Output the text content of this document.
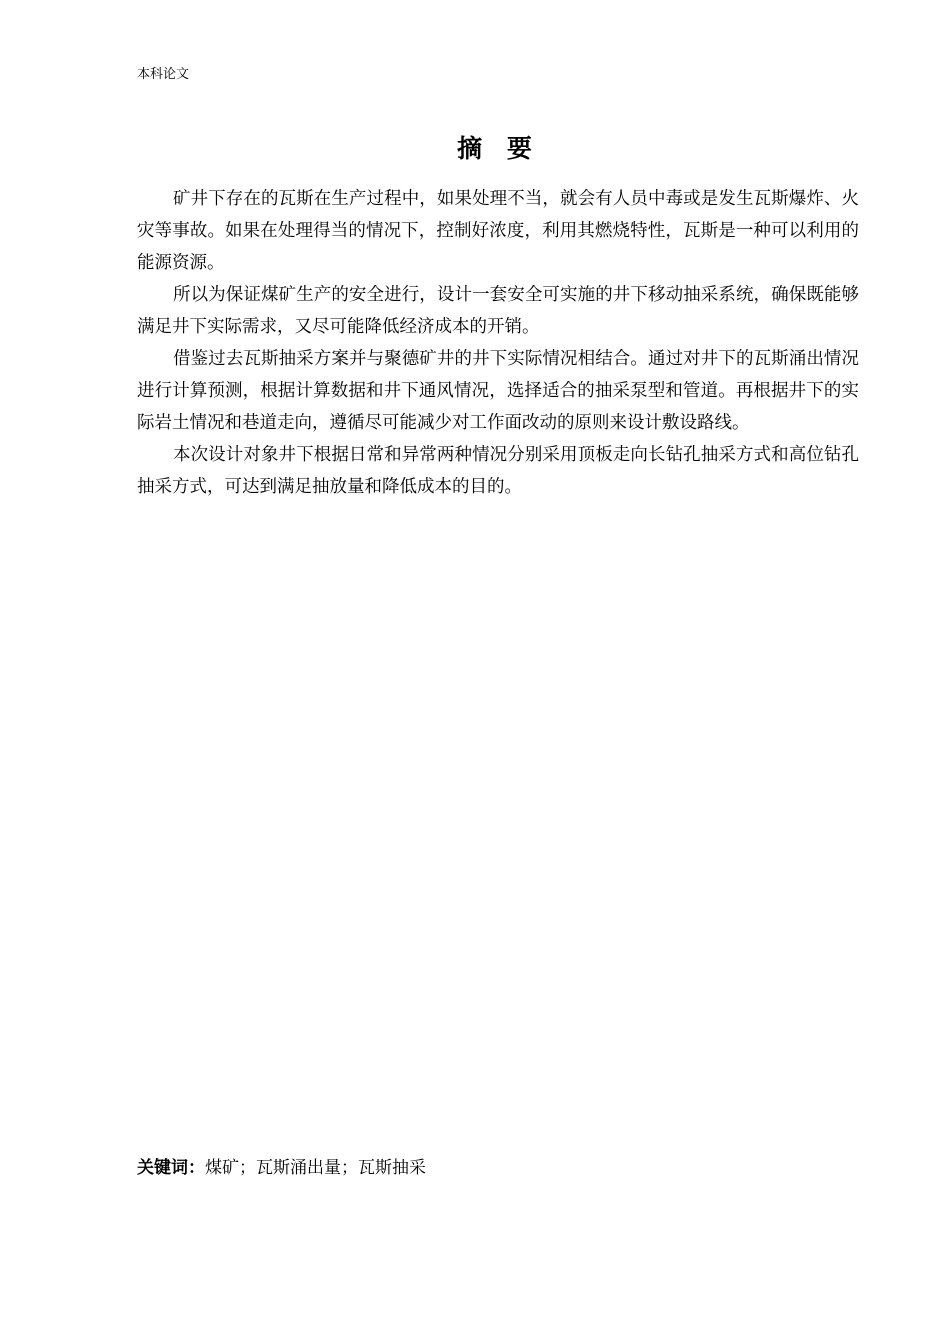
本科论文
摘 要

矿井下存在的瓦斯在生产过程中，如果处理不当，就会有人员中毒或是发生瓦斯爆炸、火灾等事故。如果在处理得当的情况下，控制好浓度，利用其燃烧特性，瓦斯是一种可以利用的能源资源。

所以为保证煤矿生产的安全进行，设计一套安全可实施的井下移动抽采系统，确保既能够满足井下实际需求，又尽可能降低经济成本的开销。

借鉴过去瓦斯抽采方案并与聚德矿井的井下实际情况相结合。通过对井下的瓦斯涌出情况进行计算预测，根据计算数据和井下通风情况，选择适合的抽采泵型和管道。再根据井下的实际岩土情况和巷道走向，遵循尽可能减少对工作面改动的原则来设计敷设路线。

本次设计对象井下根据日常和异常两种情况分别采用顶板走向长钻孔抽采方式和高位钻孔抽采方式，可达到满足抽放量和降低成本的目的。

关键词：煤矿；瓦斯涌出量；瓦斯抽采
